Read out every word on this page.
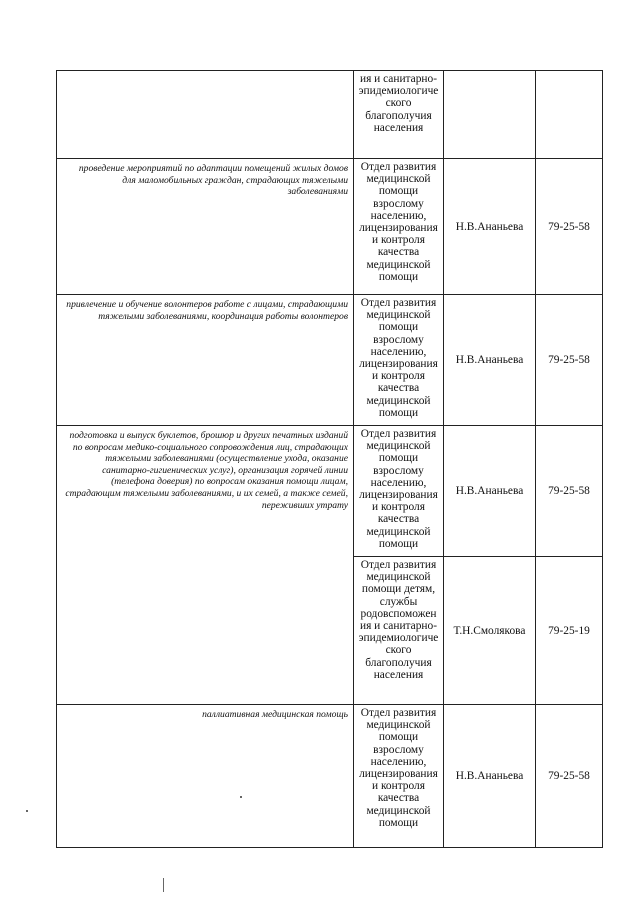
	ия и санитарно-эпидемиологиче ского благополучия населения		
проведение мероприятий по адаптации помещений жилых домов для маломобильных граждан, страдающих тяжелыми заболеваниями	Отдел развития медицинской помощи взрослому населению, лицензирования и контроля качества медицинской помощи	Н.В.Ананьева	79-25-58
привлечение и обучение волонтеров работе с лицами, страдающими тяжелыми заболеваниями, координация работы волонтеров	Отдел развития медицинской помощи взрослому населению, лицензирования и контроля качества медицинской помощи	Н.В.Ананьева	79-25-58
подготовка и выпуск буклетов, брошюр и других печатных изданий по вопросам медико-социального сопровождения лиц, страдающих тяжелыми заболеваниями (осуществление ухода, оказание санитарно-гигиенических услуг), организация горячей линии (телефона доверия) по вопросам оказания помощи лицам, страдающим тяжелыми заболеваниями, и их семей, а также семей, переживших утрату	Отдел развития медицинской помощи взрослому населению, лицензирования и контроля качества медицинской помощи	Н.В.Ананьева	79-25-58
	Отдел развития медицинской помощи детям, службы родовспоможен ия и санитарно-эпидемиологиче ского благополучия населения	Т.Н.Смолякова	79-25-19
паллиативная медицинская помощь	Отдел развития медицинской помощи взрослому населению, лицензирования и контроля качества медицинской помощи	Н.В.Ананьева	79-25-58
